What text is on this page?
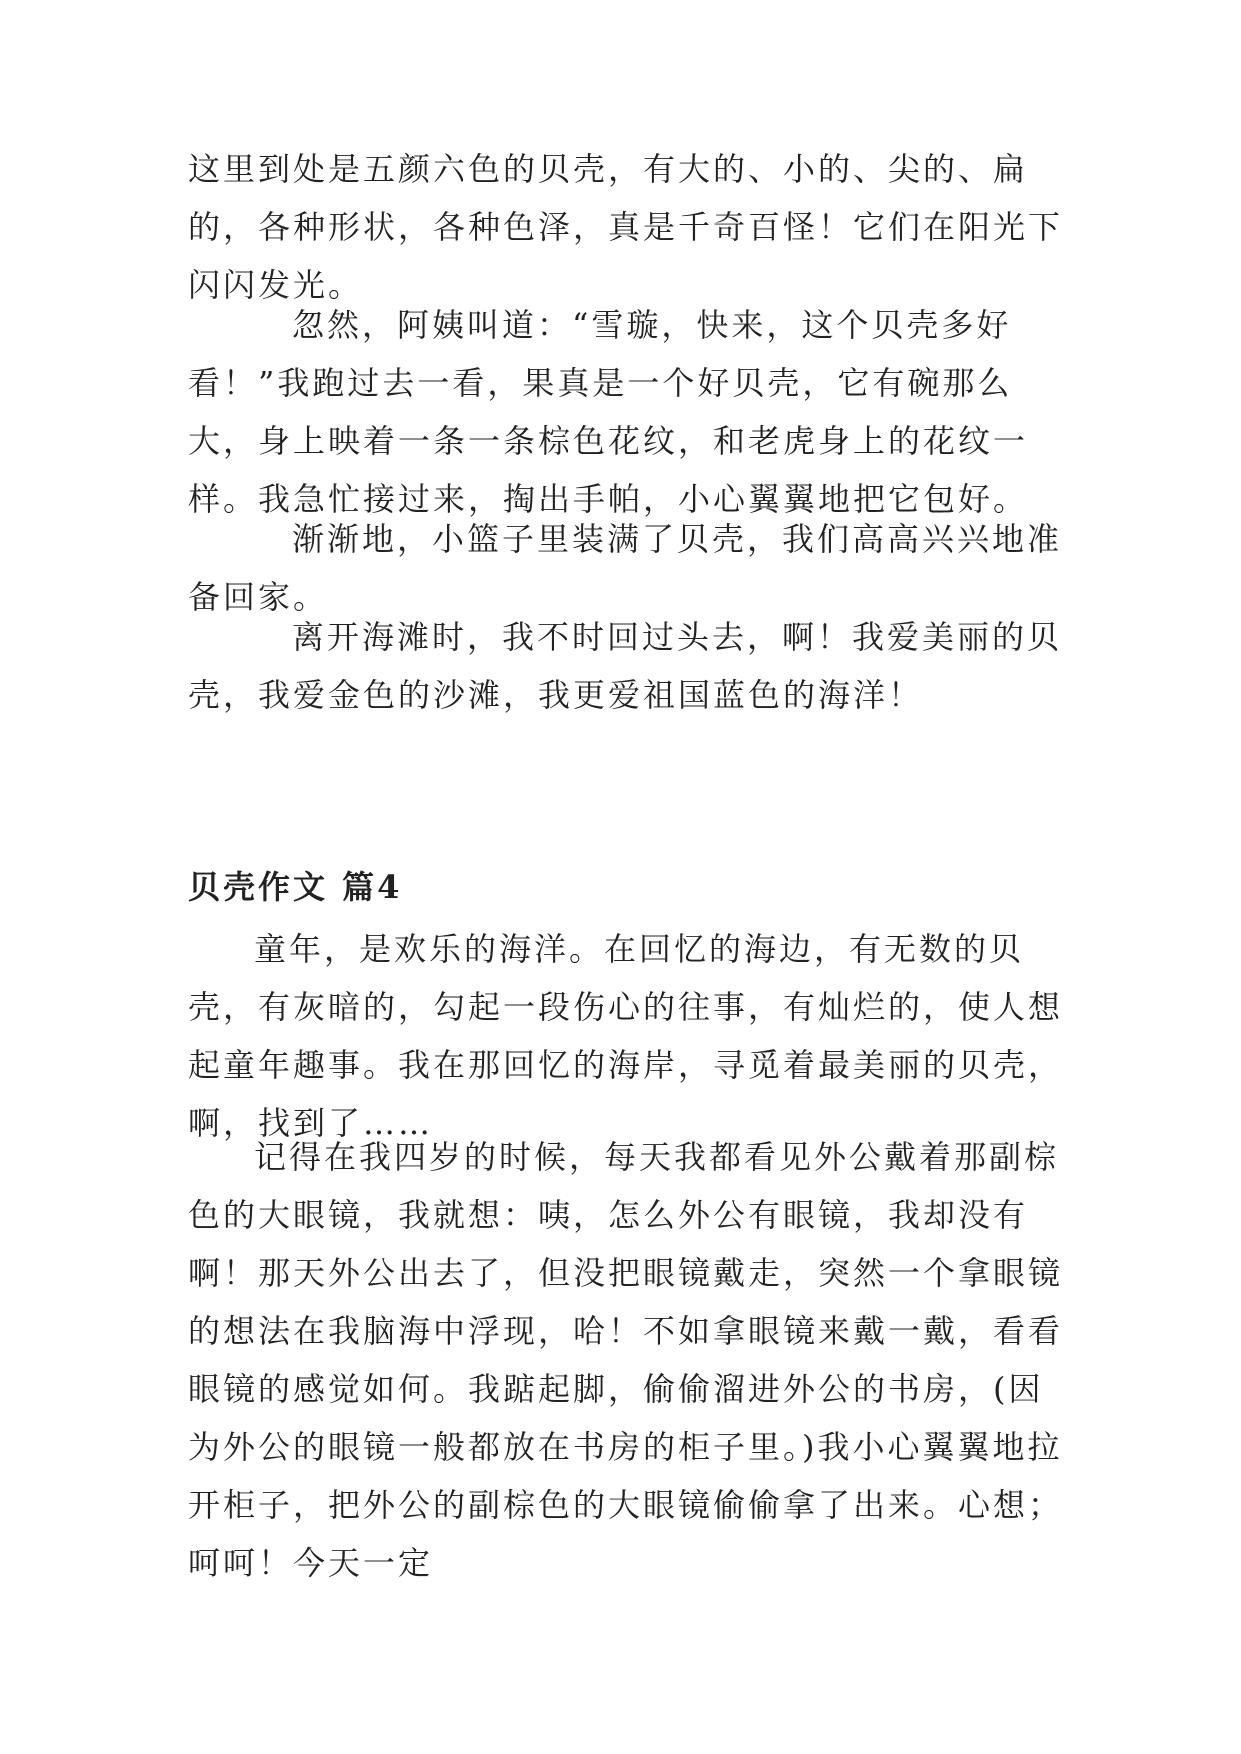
这里到处是五颜六色的贝壳，有大的、小的、尖的、扁的，各种形状，各种色泽，真是千奇百怪！它们在阳光下闪闪发光。

忽然，阿姨叫道：“雪璇，快来，这个贝壳多好看！”我跑过去一看，果真是一个好贝壳，它有碗那么大，身上映着一条一条棕色花纹，和老虎身上的花纹一样。我急忙接过来，掏出手帕，小心翼翼地把它包好。

渐渐地，小篮子里装满了贝壳，我们高高兴兴地准备回家。

离开海滩时，我不时回过头去，啊！我爱美丽的贝壳，我爱金色的沙滩，我更爱祖国蓝色的海洋！

贝壳作文 篇4

童年，是欢乐的海洋。在回忆的海边，有无数的贝壳，有灰暗的，勾起一段伤心的往事，有灿烂的，使人想起童年趣事。我在那回忆的海岸，寻觅着最美丽的贝壳，啊，找到了……

记得在我四岁的时候，每天我都看见外公戴着那副棕色的大眼镜，我就想：咦，怎么外公有眼镜，我却没有啊！那天外公出去了，但没把眼镜戴走，突然一个拿眼镜的想法在我脑海中浮现，哈！不如拿眼镜来戴一戴，看看眼镜的感觉如何。我踮起脚，偷偷溜进外公的书房，(因为外公的眼镜一般都放在书房的柜子里。)我小心翼翼地拉开柜子，把外公的副棕色的大眼镜偷偷拿了出来。心想；呵呵！今天一定
